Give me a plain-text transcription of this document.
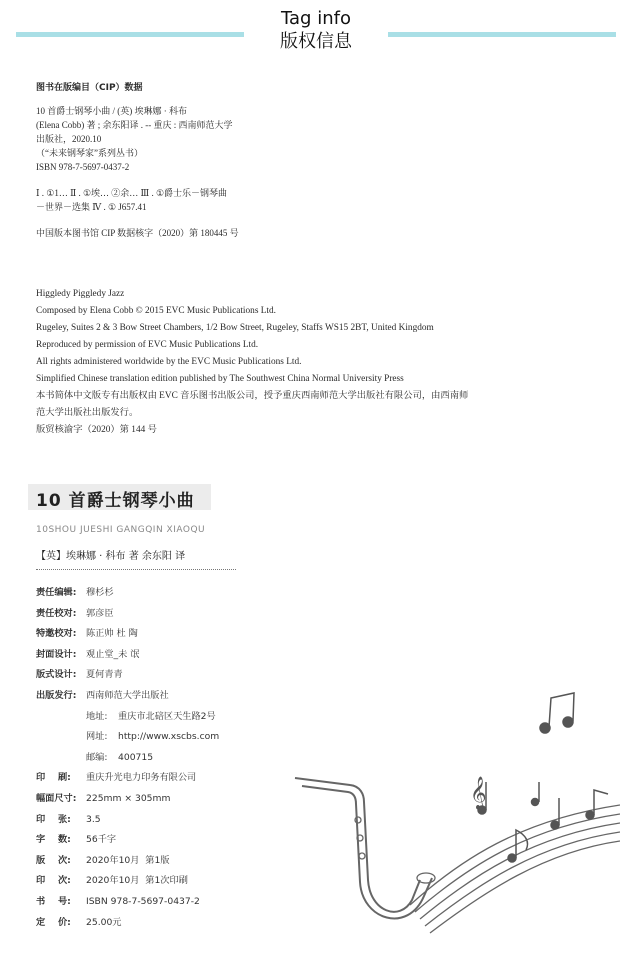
Tag info
版权信息
图书在版编目（CIP）数据
10 首爵士钢琴小曲 / (英) 埃琳娜 · 科布
(Elena Cobb) 著 ; 余东阳译 . -- 重庆 : 西南师范大学
出版社，2020.10
（“未来钢琴家”系列丛书）
ISBN 978-7-5697-0437-2
Ⅰ . ①1… Ⅱ . ①埃… ②余… Ⅲ . ①爵士乐－钢琴曲
－世界－选集 Ⅳ . ① J657.41
中国版本图书馆 CIP 数据核字（2020）第 180445 号
Higgledy Piggledy Jazz
Composed by Elena Cobb © 2015 EVC Music Publications Ltd.
Rugeley, Suites 2 & 3 Bow Street Chambers, 1/2 Bow Street, Rugeley, Staffs WS15 2BT, United Kingdom
Reproduced by permission of EVC Music Publications Ltd.
All rights administered worldwide by the EVC Music Publications Ltd.
Simplified Chinese translation edition published by The Southwest China Normal University Press
本书简体中文版专有出版权由 EVC 音乐图书出版公司，授予重庆西南师范大学出版社有限公司，由西南师
范大学出版社出版发行。
版贸核渝字（2020）第 144 号
10 首爵士钢琴小曲
10SHOU JUESHI GANGQIN XIAOQU
【英】埃琳娜 · 科布 著 余东阳 译
责任编辑: 穆杉杉
责任校对: 郭彦臣
特邀校对: 陈正帅 杜 陶
封面设计: 观止堂_未 氓
版式设计: 夏何青青
出版发行: 西南师范大学出版社
地址: 重庆市北碚区天生路2号
网址: http://www.xscbs.com
邮编: 400715
印    刷: 重庆升光电力印务有限公司
幅面尺寸: 225mm × 305mm
印    张: 3.5
字    数: 56千字
版    次: 2020年10月  第1版
印    次: 2020年10月  第1次印刷
书    号: ISBN 978-7-5697-0437-2
定    价: 25.00元
𝄞
